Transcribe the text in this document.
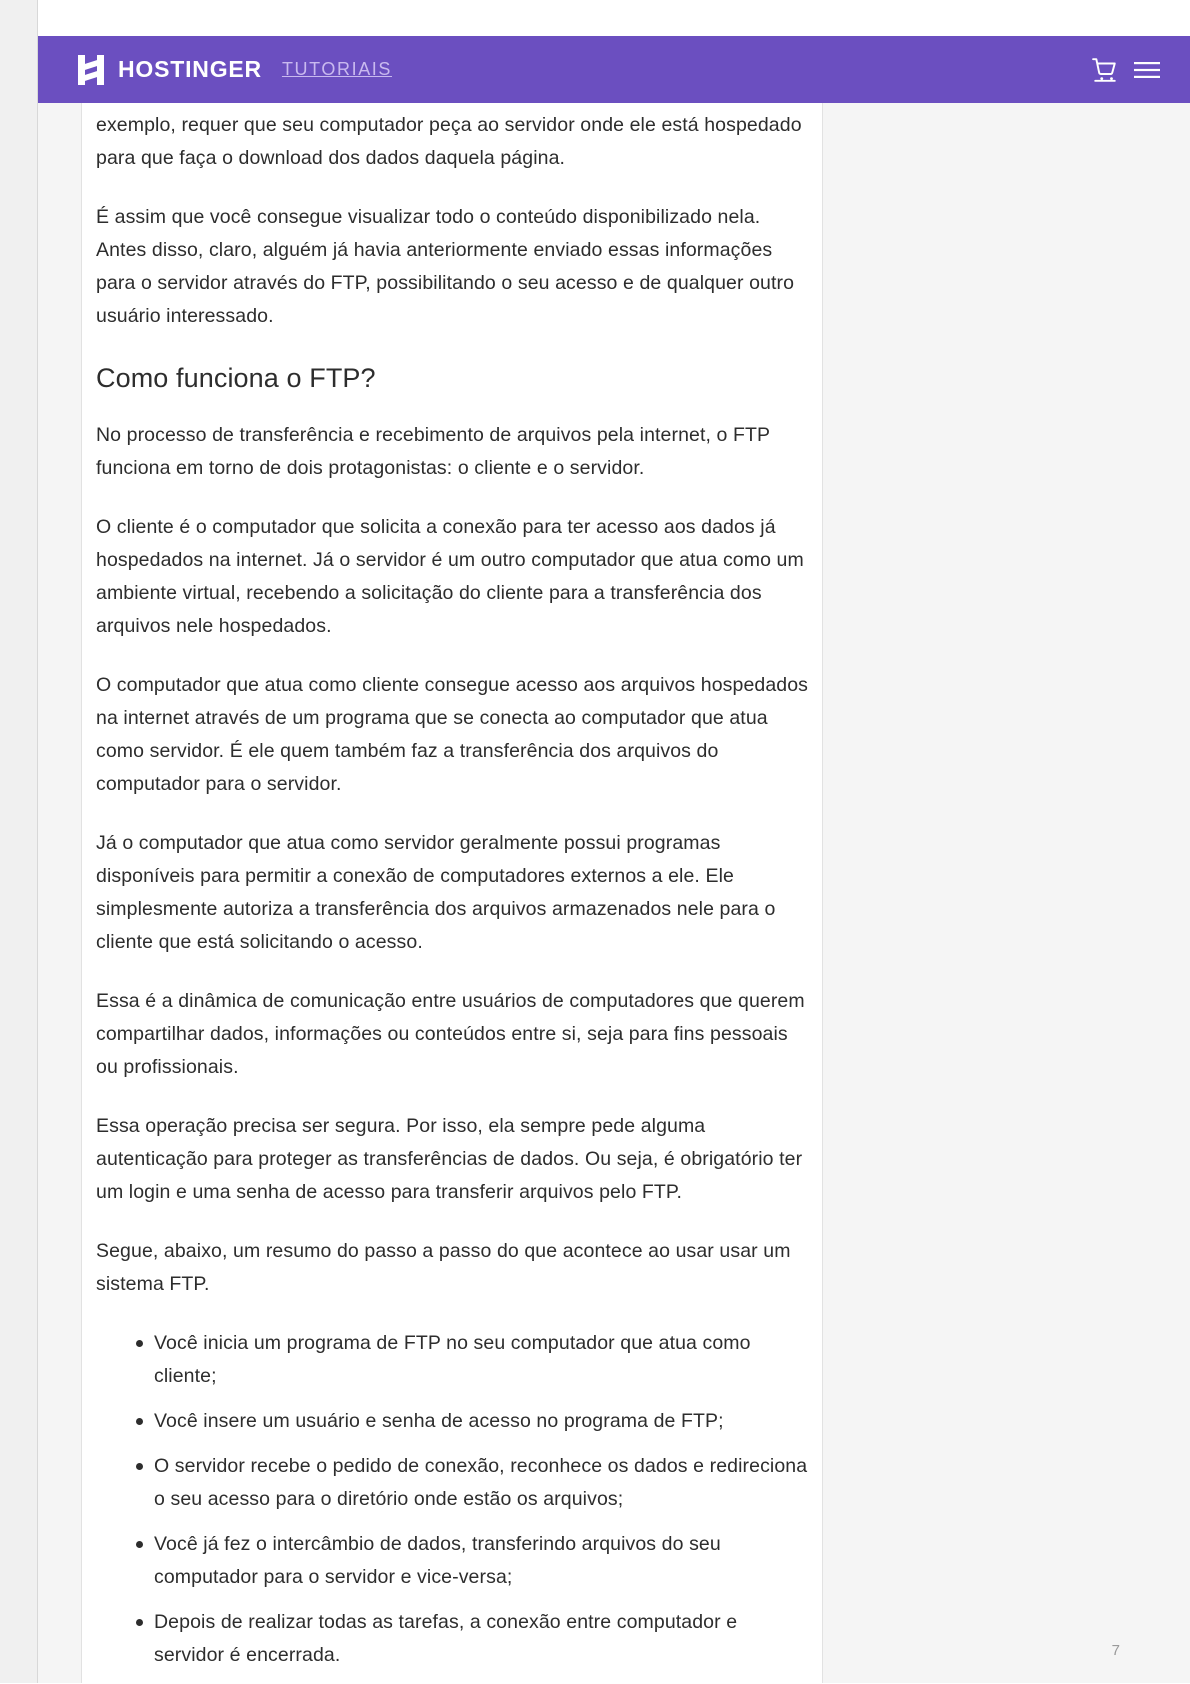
HOSTINGER TUTORIAIS

exemplo, requer que seu computador peça ao servidor onde ele está hospedado para que faça o download dos dados daquela página.

É assim que você consegue visualizar todo o conteúdo disponibilizado nela. Antes disso, claro, alguém já havia anteriormente enviado essas informações para o servidor através do FTP, possibilitando o seu acesso e de qualquer outro usuário interessado.

Como funciona o FTP?

No processo de transferência e recebimento de arquivos pela internet, o FTP funciona em torno de dois protagonistas: o cliente e o servidor.

O cliente é o computador que solicita a conexão para ter acesso aos dados já hospedados na internet. Já o servidor é um outro computador que atua como um ambiente virtual, recebendo a solicitação do cliente para a transferência dos arquivos nele hospedados.

O computador que atua como cliente consegue acesso aos arquivos hospedados na internet através de um programa que se conecta ao computador que atua como servidor. É ele quem também faz a transferência dos arquivos do computador para o servidor.

Já o computador que atua como servidor geralmente possui programas disponíveis para permitir a conexão de computadores externos a ele. Ele simplesmente autoriza a transferência dos arquivos armazenados nele para o cliente que está solicitando o acesso.

Essa é a dinâmica de comunicação entre usuários de computadores que querem compartilhar dados, informações ou conteúdos entre si, seja para fins pessoais ou profissionais.

Essa operação precisa ser segura. Por isso, ela sempre pede alguma autenticação para proteger as transferências de dados. Ou seja, é obrigatório ter um login e uma senha de acesso para transferir arquivos pelo FTP.

Segue, abaixo, um resumo do passo a passo do que acontece ao usar usar um sistema FTP.

Você inicia um programa de FTP no seu computador que atua como cliente;
Você insere um usuário e senha de acesso no programa de FTP;
O servidor recebe o pedido de conexão, reconhece os dados e redireciona o seu acesso para o diretório onde estão os arquivos;
Você já fez o intercâmbio de dados, transferindo arquivos do seu computador para o servidor e vice-versa;
Depois de realizar todas as tarefas, a conexão entre computador e servidor é encerrada.	7
